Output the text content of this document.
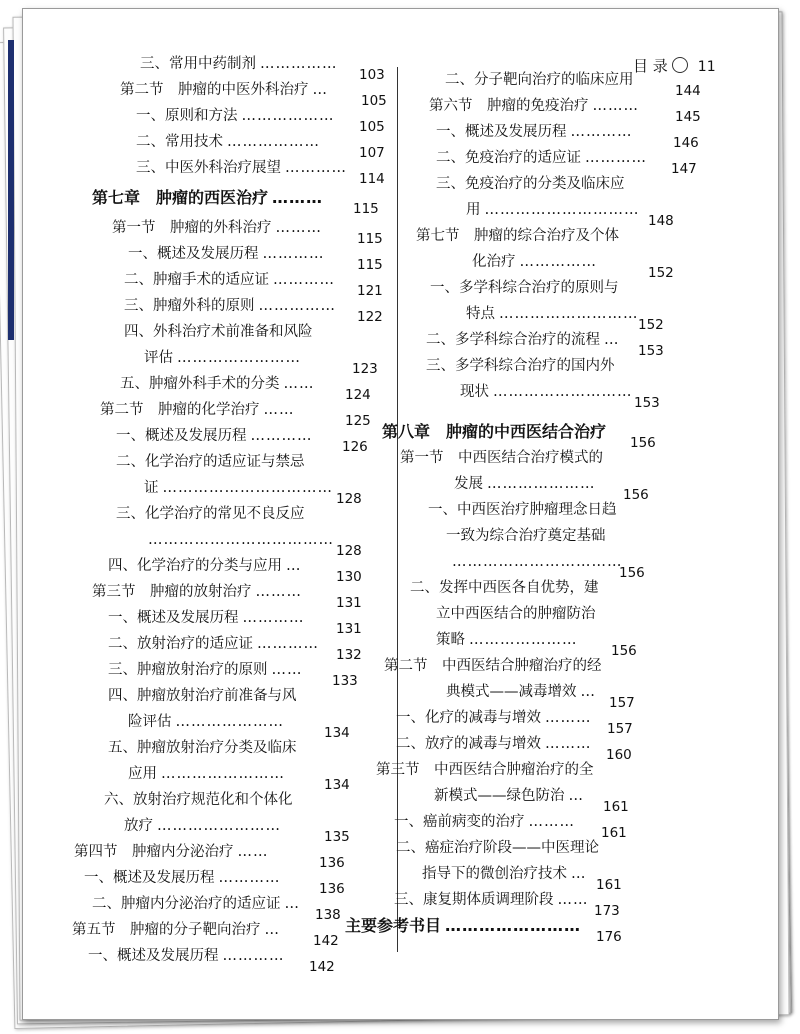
目 录 11
三、常用中药制剂 ……………
103
第二节　肿瘤的中医外科治疗 …
105
一、原则和方法 ………………
105
二、常用技术 ………………
107
三、中医外科治疗展望 …………
114
第七章　肿瘤的西医治疗 ………
115
第一节　肿瘤的外科治疗 ………
115
一、概述及发展历程 …………
115
二、肿瘤手术的适应证 …………
121
三、肿瘤外科的原则 ……………
122
四、外科治疗术前准备和风险
评估 ……………………
123
五、肿瘤外科手术的分类 ……
124
第二节　肿瘤的化学治疗 ……
125
一、概述及发展历程 …………
126
二、化学治疗的适应证与禁忌
证 ……………………………
128
三、化学治疗的常见不良反应
………………………………
128
四、化学治疗的分类与应用 …
130
第三节　肿瘤的放射治疗 ………
131
一、概述及发展历程 …………
131
二、放射治疗的适应证 …………
132
三、肿瘤放射治疗的原则 ……
133
四、肿瘤放射治疗前准备与风
险评估 …………………
134
五、肿瘤放射治疗分类及临床
应用 ……………………
134
六、放射治疗规范化和个体化
放疗 ……………………
135
第四节　肿瘤内分泌治疗 ……
136
一、概述及发展历程 …………
136
二、肿瘤内分泌治疗的适应证 …
138
第五节　肿瘤的分子靶向治疗 …
142
一、概述及发展历程 …………
142
二、分子靶向治疗的临床应用
144
第六节　肿瘤的免疫治疗 ………
145
一、概述及发展历程 …………
146
二、免疫治疗的适应证 …………
147
三、免疫治疗的分类及临床应
用 …………………………
148
第七节　肿瘤的综合治疗及个体
化治疗 ……………
152
一、多学科综合治疗的原则与
特点 ………………………
152
二、多学科综合治疗的流程 …
153
三、多学科综合治疗的国内外
现状 ………………………
153
第八章　肿瘤的中西医结合治疗
156
第一节　中西医结合治疗模式的
发展 …………………
156
一、中西医治疗肿瘤理念日趋
一致为综合治疗奠定基础
……………………………
156
二、发挥中西医各自优势，建
立中西医结合的肿瘤防治
策略 …………………
156
第二节　中西医结合肿瘤治疗的经
典模式——减毒增效 …
157
一、化疗的减毒与增效 ………
157
二、放疗的减毒与增效 ………
160
第三节　中西医结合肿瘤治疗的全
新模式——绿色防治 …
161
一、癌前病变的治疗 ………
161
二、癌症治疗阶段——中医理论
指导下的微创治疗技术 …
161
三、康复期体质调理阶段 ……
173
主要参考书目 ……………………
176
